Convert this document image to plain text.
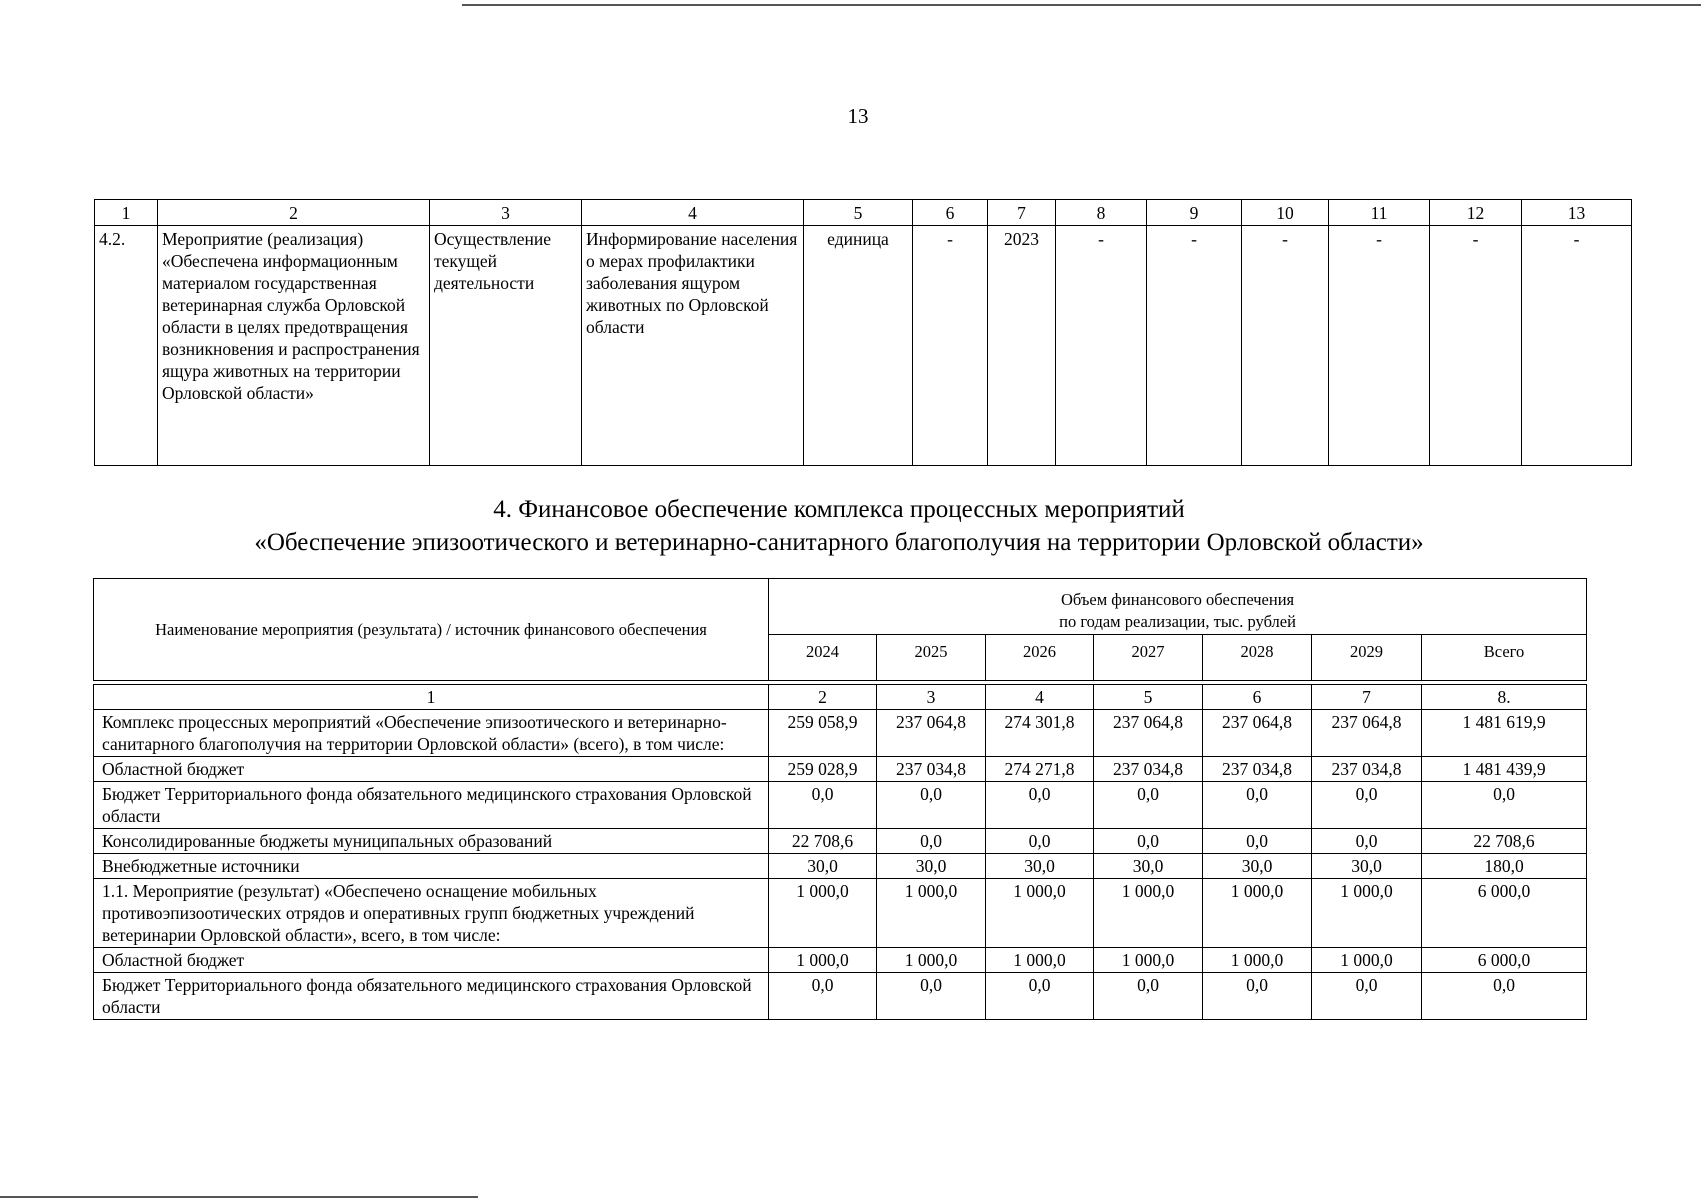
13
1	2	3	4	5	6	7	8	9	10	11	12	13
4.2.	Мероприятие (реализация) «Обеспечена информационным материалом государственная ветеринарная служба Орловской области в целях предотвращения возникновения и распространения ящура животных на территории Орловской области»	Осуществление текущей деятельности	Информирование населения о мерах профилактики заболевания ящуром животных по Орловской области	единица	-	2023	-	-	-	-	-	-
4. Финансовое обеспечение комплекса процессных мероприятий
«Обеспечение эпизоотического и ветеринарно-санитарного благополучия на территории Орловской области»
Наименование мероприятия (результата) / источник финансового обеспечения	Объем финансового обеспечения
по годам реализации, тыс. рублей						

	2024	2025	2026	2027	2028	2029	Всего

1	2	3	4	5	6	7	8.
Комплекс процессных мероприятий «Обеспечение эпизоотического и ветеринарно-санитарного благополучия на территории Орловской области» (всего), в том числе:	259 058,9	237 064,8	274 301,8	237 064,8	237 064,8	237 064,8	1 481 619,9
Областной бюджет	259 028,9	237 034,8	274 271,8	237 034,8	237 034,8	237 034,8	1 481 439,9
Бюджет Территориального фонда обязательного медицинского страхования Орловской области	0,0	0,0	0,0	0,0	0,0	0,0	0,0
Консолидированные бюджеты муниципальных образований	22 708,6	0,0	0,0	0,0	0,0	0,0	22 708,6
Внебюджетные источники	30,0	30,0	30,0	30,0	30,0	30,0	180,0
1.1. Мероприятие (результат) «Обеспечено оснащение мобильных противоэпизоотических отрядов и оперативных групп бюджетных учреждений ветеринарии Орловской области», всего, в том числе:	1 000,0	1 000,0	1 000,0	1 000,0	1 000,0	1 000,0	6 000,0
Областной бюджет	1 000,0	1 000,0	1 000,0	1 000,0	1 000,0	1 000,0	6 000,0
Бюджет Территориального фонда обязательного медицинского страхования Орловской области	0,0	0,0	0,0	0,0	0,0	0,0	0,0
